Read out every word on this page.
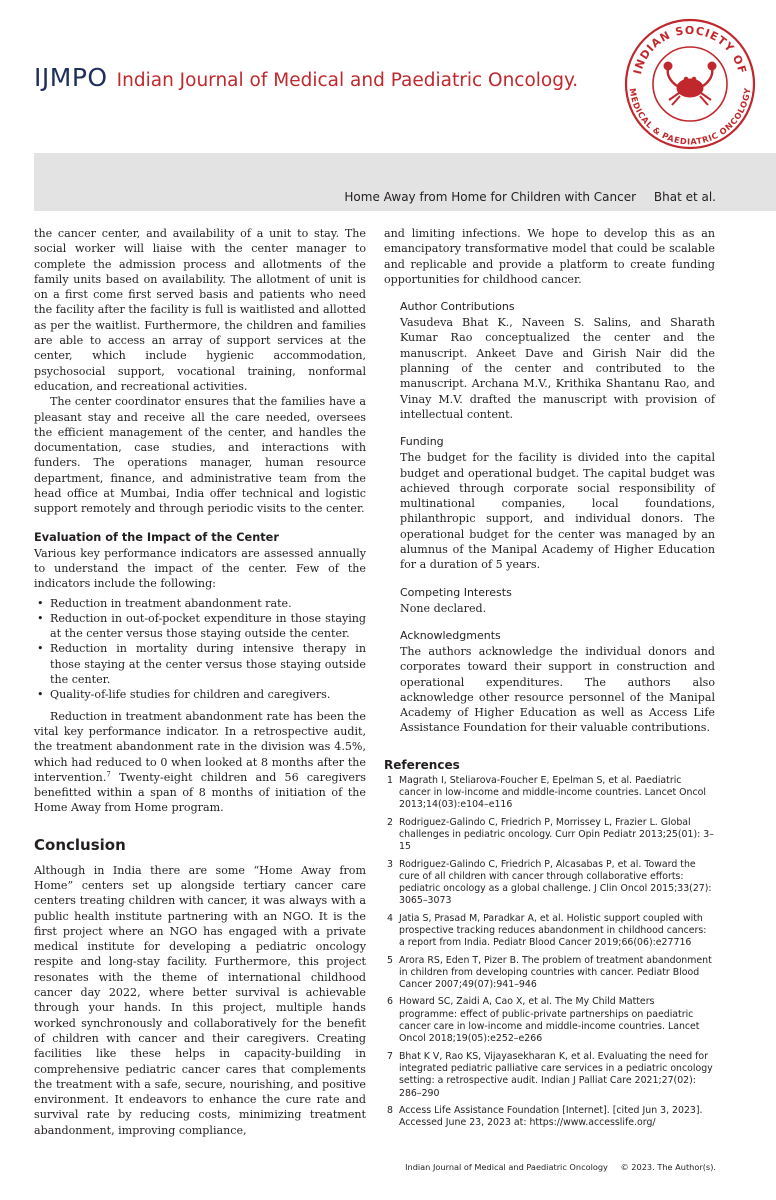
IJMPO Indian Journal of Medical and Paediatric Oncology.	INDIAN SOCIETY OF
MEDICAL & PAEDIATRIC ONCOLOGY
Home Away from Home for Children with Cancer Bhat et al.

the cancer center, and availability of a unit to stay. The social worker will liaise with the center manager to complete the admission process and allotments of the family units based on availability. The allotment of unit is on a first come first served basis and patients who need the facility after the facility is full is waitlisted and allotted as per the waitlist. Furthermore, the children and families are able to access an array of support services at the center, which include hygienic accommodation, psychosocial support, vocational training, nonformal education, and recreational activities.

The center coordinator ensures that the families have a pleasant stay and receive all the care needed, oversees the efficient management of the center, and handles the documentation, case studies, and interactions with funders. The operations manager, human resource department, finance, and administrative team from the head office at Mumbai, India offer technical and logistic support remotely and through periodic visits to the center.

Evaluation of the Impact of the Center

Various key performance indicators are assessed annually to understand the impact of the center. Few of the indicators include the following:

• Reduction in treatment abandonment rate.
• Reduction in out-of-pocket expenditure in those staying at the center versus those staying outside the center.
• Reduction in mortality during intensive therapy in those staying at the center versus those staying outside the center.
• Quality-of-life studies for children and caregivers.

Reduction in treatment abandonment rate has been the vital key performance indicator. In a retrospective audit, the treatment abandonment rate in the division was 4.5%, which had reduced to 0 when looked at 8 months after the intervention.$^7$ Twenty-eight children and 56 caregivers benefitted within a span of 8 months of initiation of the Home Away from Home program.

Conclusion

Although in India there are some “Home Away from Home” centers set up alongside tertiary cancer care centers treating children with cancer, it was always with a public health institute partnering with an NGO. It is the first project where an NGO has engaged with a private medical institute for developing a pediatric oncology respite and long-stay facility. Furthermore, this project resonates with the theme of international childhood cancer day 2022, where better survival is achievable through your hands. In this project, multiple hands worked synchronously and collaboratively for the benefit of children with cancer and their caregivers. Creating facilities like these helps in capacity-building in comprehensive pediatric cancer cares that complements the treatment with a safe, secure, nourishing, and positive environment. It endeavors to enhance the cure rate and survival rate by reducing costs, minimizing treatment abandonment, improving compliance,

and limiting infections. We hope to develop this as an emancipatory transformative model that could be scalable and replicable and provide a platform to create funding opportunities for childhood cancer.

Author Contributions

Vasudeva Bhat K., Naveen S. Salins, and Sharath Kumar Rao conceptualized the center and the manuscript. Ankeet Dave and Girish Nair did the planning of the center and contributed to the manuscript. Archana M.V., Krithika Shantanu Rao, and Vinay M.V. drafted the manuscript with provision of intellectual content.

Funding

The budget for the facility is divided into the capital budget and operational budget. The capital budget was achieved through corporate social responsibility of multinational companies, local foundations, philanthropic support, and individual donors. The operational budget for the center was managed by an alumnus of the Manipal Academy of Higher Education for a duration of 5 years.

Competing Interests

None declared.

Acknowledgments

The authors acknowledge the individual donors and corporates toward their support in construction and operational expenditures. The authors also acknowledge other resource personnel of the Manipal Academy of Higher Education as well as Access Life Assistance Foundation for their valuable contributions.

References
1 Magrath I, Steliarova-Foucher E, Epelman S, et al. Paediatric cancer in low-income and middle-income countries. Lancet Oncol 2013;14(03):e104–e116
2 Rodriguez-Galindo C, Friedrich P, Morrissey L, Frazier L. Global challenges in pediatric oncology. Curr Opin Pediatr 2013;25(01): 3–15
3 Rodriguez-Galindo C, Friedrich P, Alcasabas P, et al. Toward the cure of all children with cancer through collaborative efforts: pediatric oncology as a global challenge. J Clin Oncol 2015;33(27): 3065–3073
4 Jatia S, Prasad M, Paradkar A, et al. Holistic support coupled with prospective tracking reduces abandonment in childhood cancers: a report from India. Pediatr Blood Cancer 2019;66(06):e27716
5 Arora RS, Eden T, Pizer B. The problem of treatment abandonment in children from developing countries with cancer. Pediatr Blood Cancer 2007;49(07):941–946
6 Howard SC, Zaidi A, Cao X, et al. The My Child Matters programme: effect of public-private partnerships on paediatric cancer care in low-income and middle-income countries. Lancet Oncol 2018;19(05):e252–e266
7 Bhat K V, Rao KS, Vijayasekharan K, et al. Evaluating the need for integrated pediatric palliative care services in a pediatric oncology setting: a retrospective audit. Indian J Palliat Care 2021;27(02): 286–290
8 Access Life Assistance Foundation [Internet]. [cited Jun 3, 2023]. Accessed June 23, 2023 at: https://www.accesslife.org/
Indian Journal of Medical and Paediatric Oncology © 2023. The Author(s).
